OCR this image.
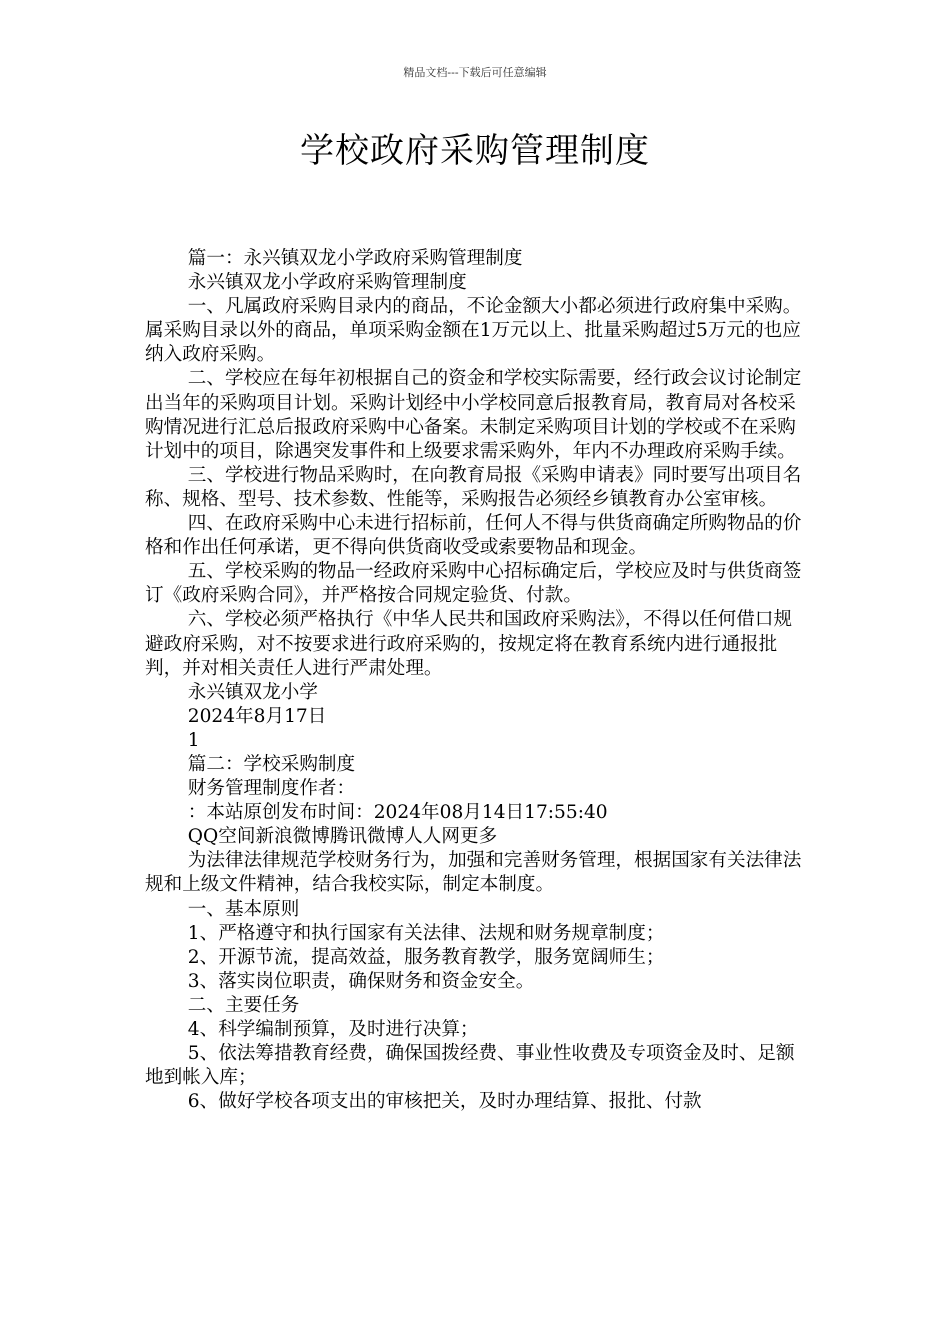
精品文档---下载后可任意编辑
学校政府采购管理制度

篇一：永兴镇双龙小学政府采购管理制度

永兴镇双龙小学政府采购管理制度

一、凡属政府采购目录内的商品，不论金额大小都必须进行政府集中采购。属采购目录以外的商品，单项采购金额在1万元以上、批量采购超过5万元的也应纳入政府采购。

二、学校应在每年初根据自己的资金和学校实际需要，经行政会议讨论制定出当年的采购项目计划。采购计划经中小学校同意后报教育局，教育局对各校采购情况进行汇总后报政府采购中心备案。未制定采购项目计划的学校或不在采购计划中的项目，除遇突发事件和上级要求需采购外，年内不办理政府采购手续。

三、学校进行物品采购时，在向教育局报《采购申请表》同时要写出项目名称、规格、型号、技术参数、性能等，采购报告必须经乡镇教育办公室审核。

四、在政府采购中心未进行招标前，任何人不得与供货商确定所购物品的价格和作出任何承诺，更不得向供货商收受或索要物品和现金。

五、学校采购的物品一经政府采购中心招标确定后，学校应及时与供货商签订《政府采购合同》，并严格按合同规定验货、付款。

六、学校必须严格执行《中华人民共和国政府采购法》，不得以任何借口规避政府采购，对不按要求进行政府采购的，按规定将在教育系统内进行通报批判，并对相关责任人进行严肃处理。

永兴镇双龙小学

2024年8月17日

1

篇二：学校采购制度

财务管理制度作者：

：本站原创发布时间：2024年08月14日17:55:40

QQ空间新浪微博腾讯微博人人网更多

为法律法律规范学校财务行为，加强和完善财务管理，根据国家有关法律法规和上级文件精神，结合我校实际，制定本制度。

一、基本原则

1、严格遵守和执行国家有关法律、法规和财务规章制度；

2、开源节流，提高效益，服务教育教学，服务宽阔师生；

3、落实岗位职责，确保财务和资金安全。

二、主要任务

4、科学编制预算，及时进行决算；

5、依法筹措教育经费，确保国拨经费、事业性收费及专项资金及时、足额地到帐入库；

6、做好学校各项支出的审核把关，及时办理结算、报批、付款
